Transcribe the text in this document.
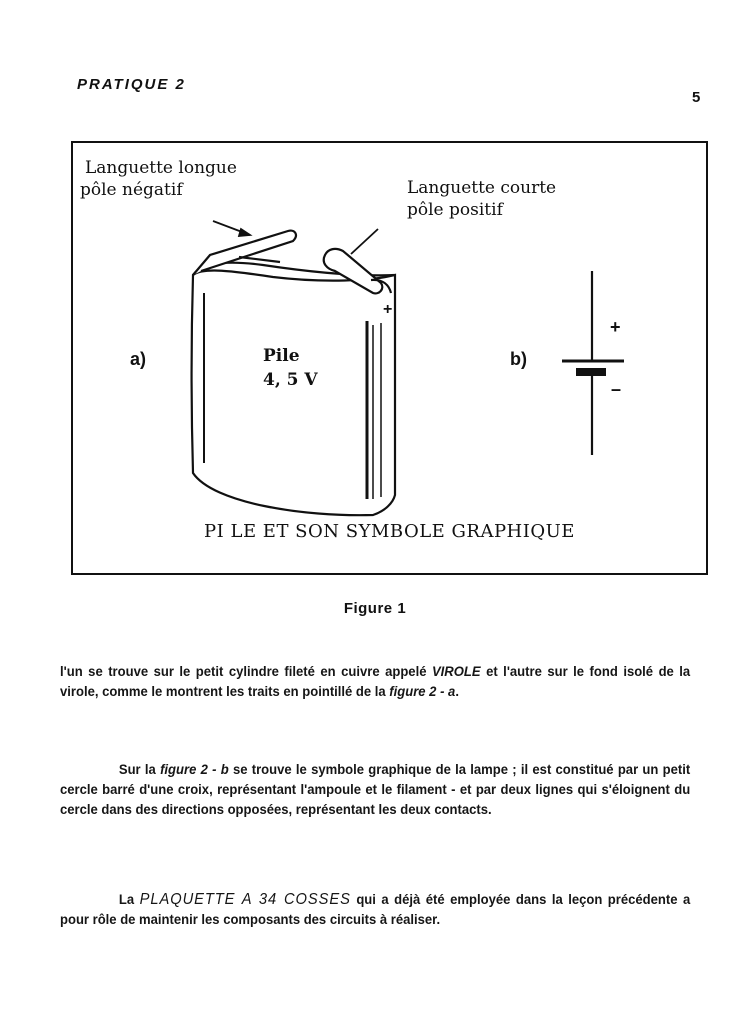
PRATIQUE 2
5
Languette longue
pôle négatif	Languette courte
pôle positif
Pile
4, 5 V
+
a)	b)
+
–
PI LE ET SON SYMBOLE GRAPHIQUE
Figure 1
l'un se trouve sur le petit cylindre fileté en cuivre appelé VIROLE et l'autre sur le fond isolé de la virole, comme le montrent les traits en pointillé de la figure 2 - a.
Sur la figure 2 - b se trouve le symbole graphique de la lampe ; il est constitué par un petit cercle barré d'une croix, représentant l'ampoule et le filament - et par deux lignes qui s'éloignent du cercle dans des directions opposées, représentant les deux contacts.
La PLAQUETTE A 34 COSSES qui a déjà été employée dans la leçon précédente a pour rôle de maintenir les composants des circuits à réaliser.
